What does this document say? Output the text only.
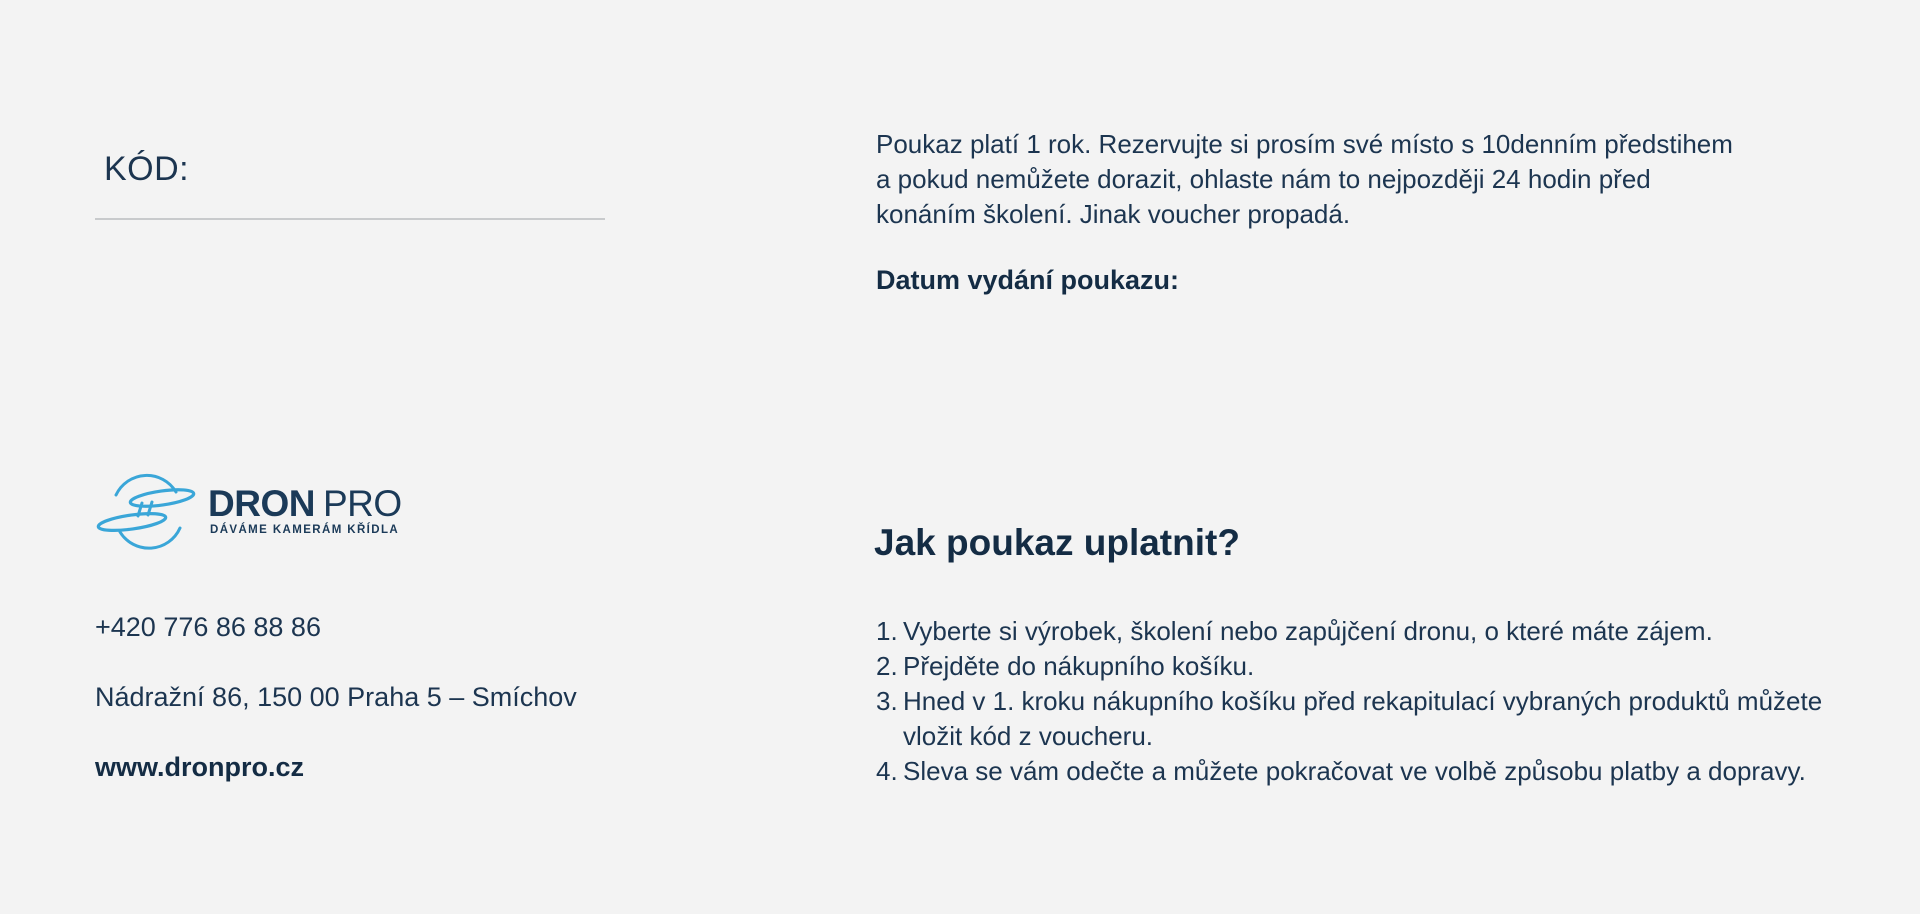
KÓD:
Poukaz platí 1 rok. Rezervujte si prosím své místo s 10denním předstihem
a pokud nemůžete dorazit, ohlaste nám to nejpozději 24 hodin před
konáním školení. Jinak voucher propadá.
Datum vydání poukazu:
DRON PRO
DÁVÁME KAMERÁM KŘÍDLA
+420 776 86 88 86
Nádražní 86, 150 00 Praha 5 – Smíchov
www.dronpro.cz
Jak poukaz uplatnit?
1. Vyberte si výrobek, školení nebo zapůjčení dronu, o které máte zájem.
2. Přejděte do nákupního košíku.
3. Hned v 1. kroku nákupního košíku před rekapitulací vybraných produktů můžete
vložit kód z voucheru.
4. Sleva se vám odečte a můžete pokračovat ve volbě způsobu platby a dopravy.
